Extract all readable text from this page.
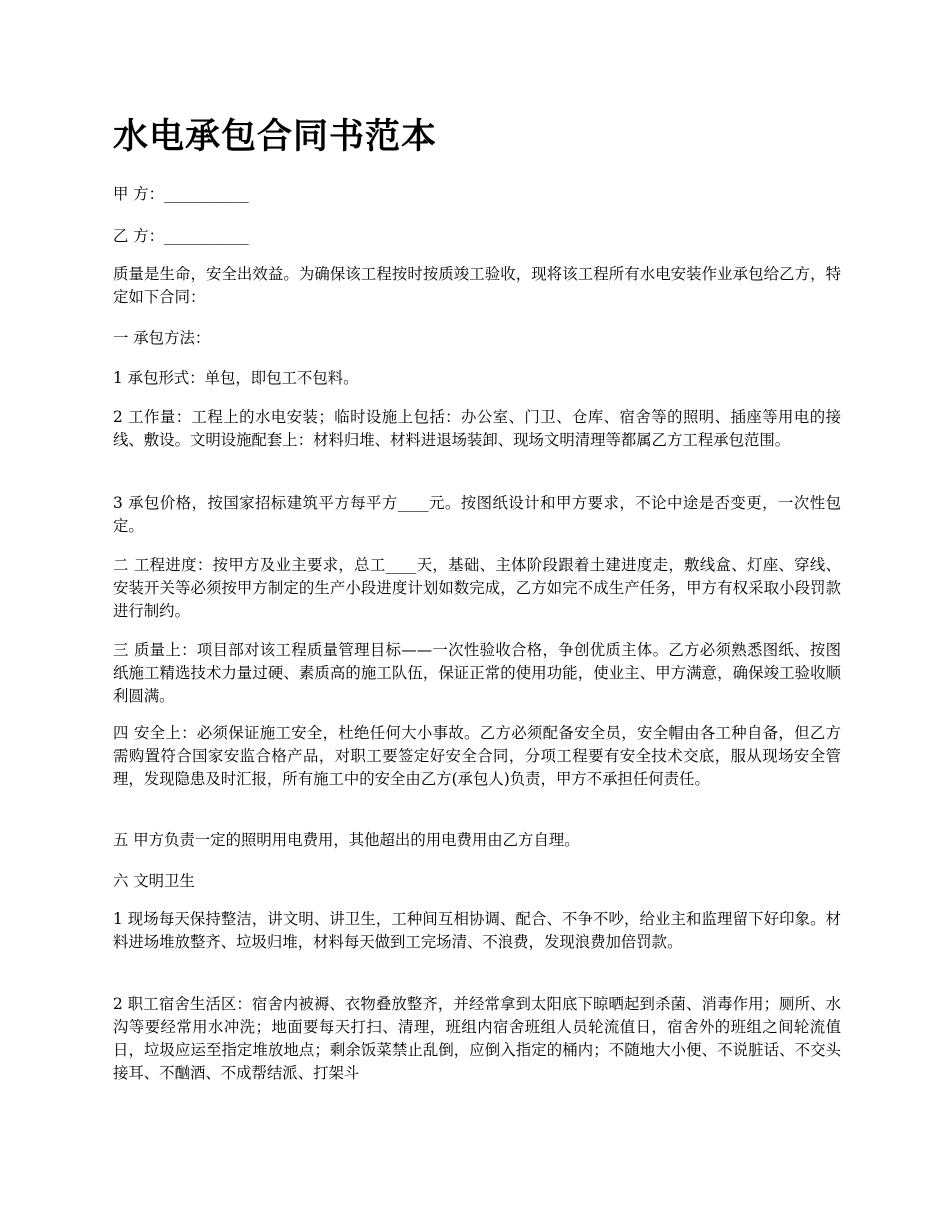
水电承包合同书范本

甲 方：___________

乙 方：___________

质量是生命，安全出效益。为确保该工程按时按质竣工验收，现将该工程所有水电安装作业承包给乙方，特定如下合同：

一 承包方法：

1 承包形式：单包，即包工不包料。

2 工作量：工程上的水电安装；临时设施上包括：办公室、门卫、仓库、宿舍等的照明、插座等用电的接线、敷设。文明设施配套上：材料归堆、材料进退场装卸、现场文明清理等都属乙方工程承包范围。

3 承包价格，按国家招标建筑平方每平方____元。按图纸设计和甲方要求，不论中途是否变更，一次性包定。

二 工程进度：按甲方及业主要求，总工____天，基础、主体阶段跟着土建进度走，敷线盒、灯座、穿线、安装开关等必须按甲方制定的生产小段进度计划如数完成，乙方如完不成生产任务，甲方有权采取小段罚款进行制约。

三 质量上：项目部对该工程质量管理目标——一次性验收合格，争创优质主体。乙方必须熟悉图纸、按图纸施工精选技术力量过硬、素质高的施工队伍，保证正常的使用功能，使业主、甲方满意，确保竣工验收顺利圆满。

四 安全上：必须保证施工安全，杜绝任何大小事故。乙方必须配备安全员，安全帽由各工种自备，但乙方需购置符合国家安监合格产品，对职工要签定好安全合同，分项工程要有安全技术交底，服从现场安全管理，发现隐患及时汇报，所有施工中的安全由乙方(承包人)负责，甲方不承担任何责任。

五 甲方负责一定的照明用电费用，其他超出的用电费用由乙方自理。

六 文明卫生

1 现场每天保持整洁，讲文明、讲卫生，工种间互相协调、配合、不争不吵，给业主和监理留下好印象。材料进场堆放整齐、垃圾归堆，材料每天做到工完场清、不浪费，发现浪费加倍罚款。

2 职工宿舍生活区：宿舍内被褥、衣物叠放整齐，并经常拿到太阳底下晾晒起到杀菌、消毒作用；厕所、水沟等要经常用水冲洗；地面要每天打扫、清理，班组内宿舍班组人员轮流值日，宿舍外的班组之间轮流值日，垃圾应运至指定堆放地点；剩余饭菜禁止乱倒，应倒入指定的桶内；不随地大小便、不说脏话、不交头接耳、不酗酒、不成帮结派、打架斗
